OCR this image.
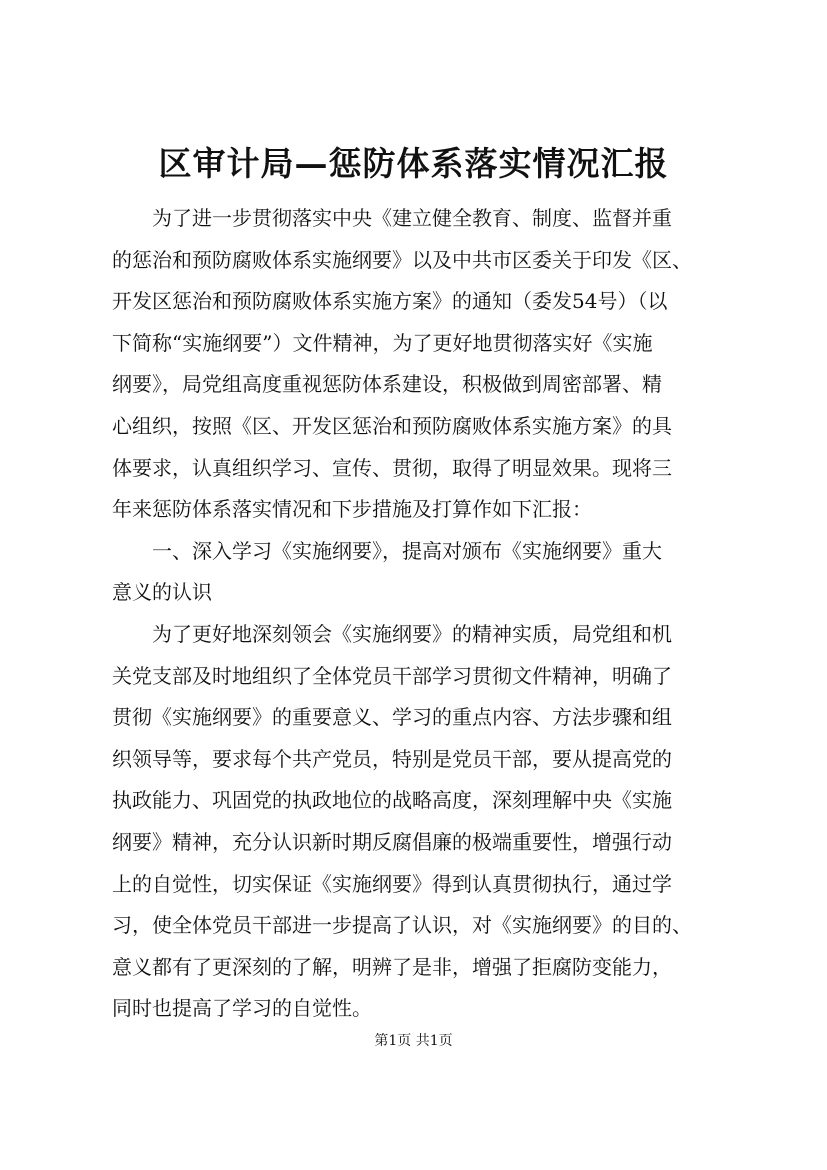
区审计局—惩防体系落实情况汇报
为了进一步贯彻落实中央《建立健全教育、制度、监督并重
的惩治和预防腐败体系实施纲要》以及中共市区委关于印发《区、
开发区惩治和预防腐败体系实施方案》的通知（委发54号）（以
下简称“实施纲要”）文件精神，为了更好地贯彻落实好《实施
纲要》，局党组高度重视惩防体系建设，积极做到周密部署、精
心组织，按照《区、开发区惩治和预防腐败体系实施方案》的具
体要求，认真组织学习、宣传、贯彻，取得了明显效果。现将三
年来惩防体系落实情况和下步措施及打算作如下汇报：
一、深入学习《实施纲要》，提高对颁布《实施纲要》重大
意义的认识
为了更好地深刻领会《实施纲要》的精神实质，局党组和机
关党支部及时地组织了全体党员干部学习贯彻文件精神，明确了
贯彻《实施纲要》的重要意义、学习的重点内容、方法步骤和组
织领导等，要求每个共产党员，特别是党员干部，要从提高党的
执政能力、巩固党的执政地位的战略高度，深刻理解中央《实施
纲要》精神，充分认识新时期反腐倡廉的极端重要性，增强行动
上的自觉性，切实保证《实施纲要》得到认真贯彻执行，通过学
习，使全体党员干部进一步提高了认识，对《实施纲要》的目的、
意义都有了更深刻的了解，明辨了是非，增强了拒腐防变能力，
同时也提高了学习的自觉性。
第1页 共1页
